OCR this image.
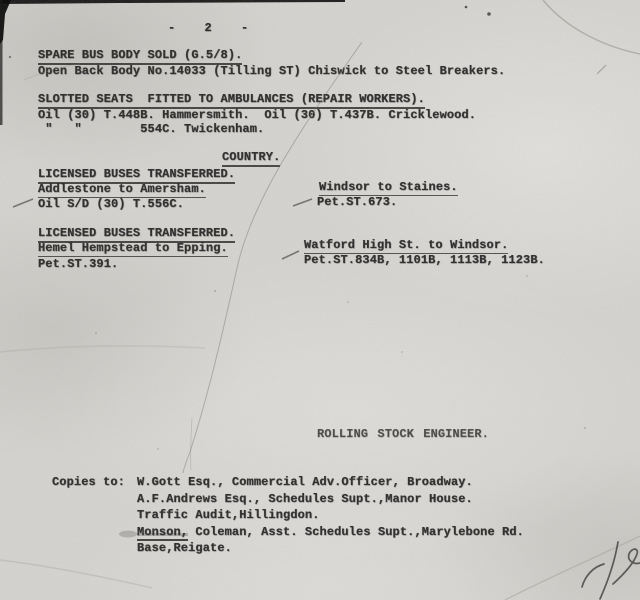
-    2    -
SPARE BUS BODY SOLD (G.5/8).
Open Back Body No.14033 (Tilling ST) Chiswick to Steel Breakers.
SLOTTED SEATS  FITTED TO AMBULANCES (REPAIR WORKERS).
Oil (30) T.448B. Hammersmith.  Oil (30) T.437B. Cricklewood.
"   "        554C. Twickenham.
COUNTRY.
LICENSED BUSES TRANSFERRED.
Addlestone to Amersham.
Oil S/D (30) T.556C.
Windsor to Staines.
Pet.ST.673.
LICENSED BUSES TRANSFERRED.
Hemel Hempstead to Epping.
Pet.ST.391.
Watford High St. to Windsor.
Pet.ST.834B, 1101B, 1113B, 1123B.
ROLLING STOCK ENGINEER.
Copies to: W.Gott Esq., Commercial Adv.Officer, Broadway.
A.F.Andrews Esq., Schedules Supt.,Manor House.
Traffic Audit,Hillingdon.
Monson, Coleman, Asst. Schedules Supt.,Marylebone Rd.
Base,Reigate.
